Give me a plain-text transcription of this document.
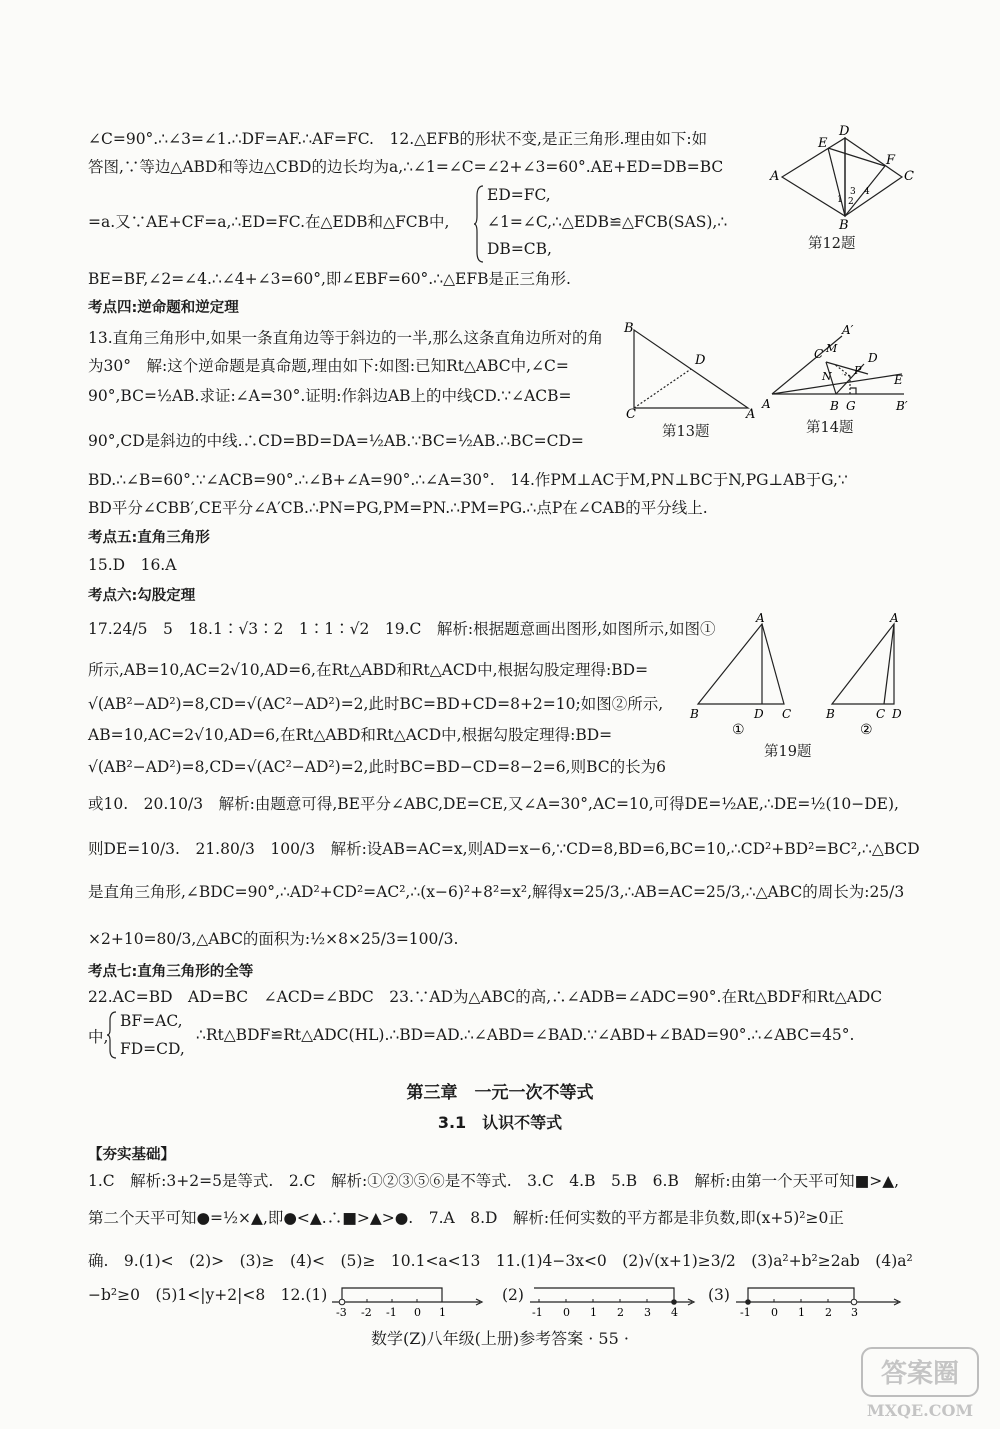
∠C=90°.∴∠3=∠1.∴DF=AF.∴AF=FC.　12.△EFB的形状不变,是正三角形.理由如下:如
答图,∵等边△ABD和等边△CBD的边长均为a,∴∠1=∠C=∠2+∠3=60°.AE+ED=DB=BC
=a.又∵AE+CF=a,∴ED=FC.在△EDB和△FCB中,
ED=FC,
∠1=∠C,∴△EDB≌△FCB(SAS),∴
DB=CB,
BE=BF,∠2=∠4.∴∠4+∠3=60°,即∠EBF=60°.∴△EFB是正三角形.
A	C
D
B
E
F
1 2
3 4
第12题
考点四:逆命题和逆定理
13.直角三角形中,如果一条直角边等于斜边的一半,那么这条直角边所对的角
为30°　解:这个逆命题是真命题,理由如下:如图:已知Rt△ABC中,∠C=
90°,BC=½AB.求证:∠A=30°.证明:作斜边AB上的中线CD.∵∠ACB=
90°,CD是斜边的中线.∴CD=BD=DA=½AB.∵BC=½AB.∴BC=CD=
B
C	A
D
第13题
A′
C M
D
N P
E
A	B G	B′
第14题
BD.∴∠B=60°.∵∠ACB=90°.∴∠B+∠A=90°.∴∠A=30°.　14.作PM⊥AC于M,PN⊥BC于N,PG⊥AB于G,∵
BD平分∠CBB′,CE平分∠A′CB.∴PN=PG,PM=PN.∴PM=PG.∴点P在∠CAB的平分线上.
考点五:直角三角形
15.D　16.A
考点六:勾股定理
17.24/5　5　18.1∶√3∶2　1∶1∶√2　19.C　解析:根据题意画出图形,如图所示,如图①
所示,AB=10,AC=2√10,AD=6,在Rt△ABD和Rt△ACD中,根据勾股定理得:BD=
√(AB²−AD²)=8,CD=√(AC²−AD²)=2,此时BC=BD+CD=8+2=10;如图②所示,
AB=10,AC=2√10,AD=6,在Rt△ABD和Rt△ACD中,根据勾股定理得:BD=
√(AB²−AD²)=8,CD=√(AC²−AD²)=2,此时BC=BD−CD=8−2=6,则BC的长为6
A
B	D C
A
B	C D
①	②
第19题
或10.　20.10/3　解析:由题意可得,BE平分∠ABC,DE=CE,又∠A=30°,AC=10,可得DE=½AE,∴DE=½(10−DE),
则DE=10/3.　21.80/3　100/3　解析:设AB=AC=x,则AD=x−6,∵CD=8,BD=6,BC=10,∴CD²+BD²=BC²,∴△BCD
是直角三角形,∠BDC=90°,∴AD²+CD²=AC²,∴(x−6)²+8²=x²,解得x=25/3,∴AB=AC=25/3,∴△ABC的周长为:25/3
×2+10=80/3,△ABC的面积为:½×8×25/3=100/3.
考点七:直角三角形的全等
22.AC=BD　AD=BC　∠ACD=∠BDC　23.∵AD为△ABC的高,∴∠ADB=∠ADC=90°.在Rt△BDF和Rt△ADC
中,
BF=AC,
∴Rt△BDF≌Rt△ADC(HL).∴BD=AD.∴∠ABD=∠BAD.∵∠ABD+∠BAD=90°.∴∠ABC=45°.
FD=CD,
第三章　一元一次不等式
3.1　认识不等式
【夯实基础】
1.C　解析:3+2=5是等式.　2.C　解析:①②③⑤⑥是不等式.　3.C　4.B　5.B　6.B　解析:由第一个天平可知■>▲,
第二个天平可知●=½×▲,即●<▲.∴■>▲>●.　7.A　8.D　解析:任何实数的平方都是非负数,即(x+5)²≥0正
确.　9.(1)<　(2)>　(3)≥　(4)<　(5)≥　10.1<a<13　11.(1)4−3x<0　(2)√(x+1)≥3/2　(3)a²+b²≥2ab　(4)a²
−b²≥0　(5)1<|y+2|<8　12.(1)
-3 -2 -1 0 1
(2)
-1 0 1 2 3 4
(3)
-1 0 1 2 3
数学(Z)八年级(上册)参考答案 · 55 ·
答案圈
MXQE.COM
